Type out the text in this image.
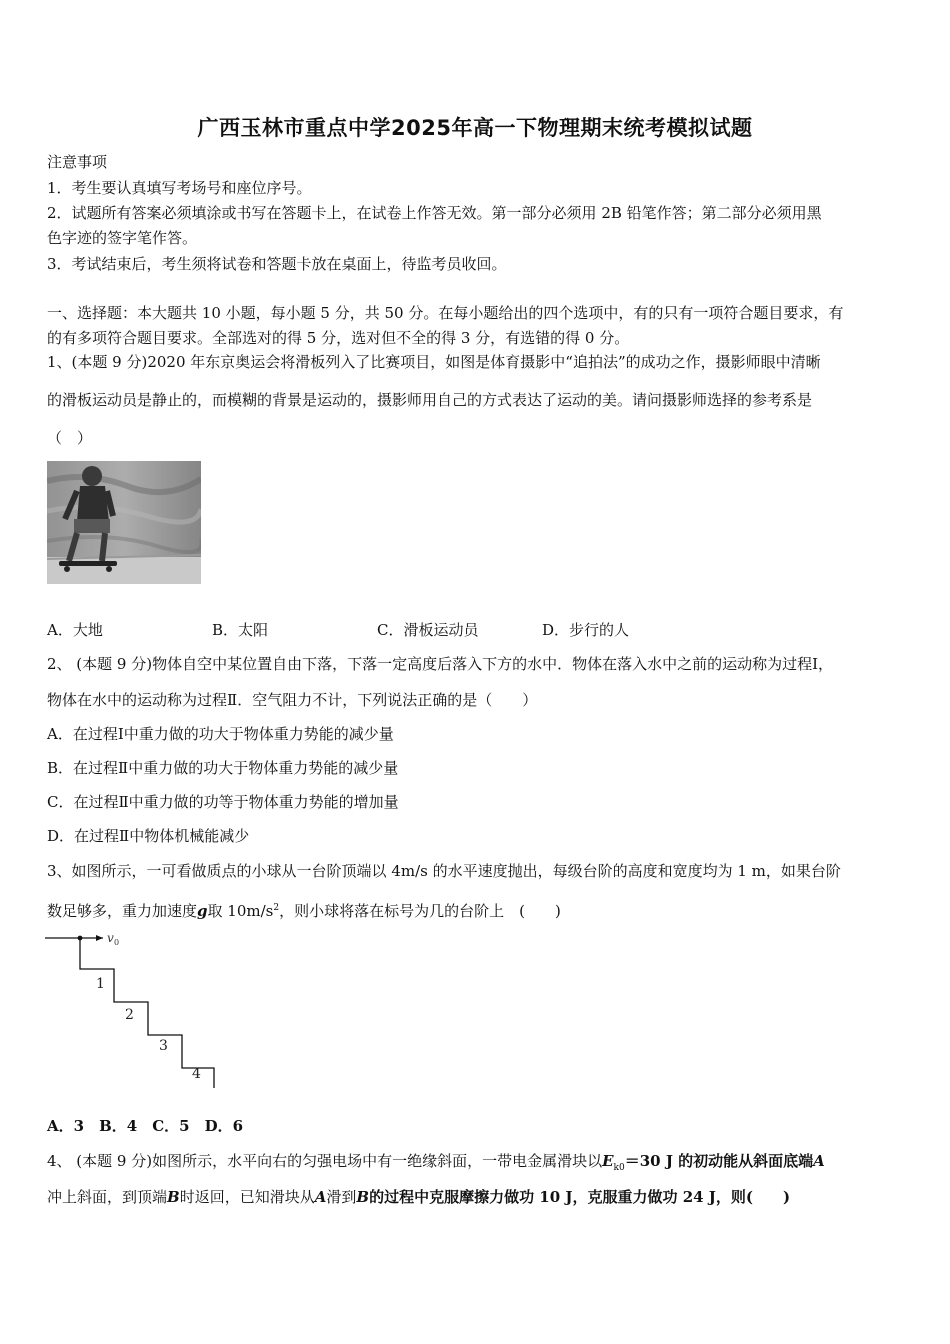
广西玉林市重点中学2025年高一下物理期末统考模拟试题
注意事项
1．考生要认真填写考场号和座位序号。
2．试题所有答案必须填涂或书写在答题卡上，在试卷上作答无效。第一部分必须用 2B 铅笔作答；第二部分必须用黑
色字迹的签字笔作答。
3．考试结束后，考生须将试卷和答题卡放在桌面上，待监考员收回。
一、选择题：本大题共 10 小题，每小题 5 分，共 50 分。在每小题给出的四个选项中，有的只有一项符合题目要求，有
的有多项符合题目要求。全部选对的得 5 分，选对但不全的得 3 分，有选错的得 0 分。
1、(本题 9 分)2020 年东京奥运会将滑板列入了比赛项目，如图是体育摄影中“追拍法”的成功之作，摄影师眼中清晰
的滑板运动员是静止的，而模糊的背景是运动的，摄影师用自己的方式表达了运动的美。请问摄影师选择的参考系是
（　）
A．大地	B．太阳	C．滑板运动员	D．步行的人
2、 (本题 9 分)物体自空中某位置自由下落，下落一定高度后落入下方的水中．物体在落入水中之前的运动称为过程Ⅰ，
物体在水中的运动称为过程Ⅱ．空气阻力不计，下列说法正确的是（　　）
A．在过程Ⅰ中重力做的功大于物体重力势能的减少量
B．在过程Ⅱ中重力做的功大于物体重力势能的减少量
C．在过程Ⅱ中重力做的功等于物体重力势能的增加量
D．在过程Ⅱ中物体机械能减少
3、如图所示，一可看做质点的小球从一台阶顶端以 4m/s 的水平速度抛出，每级台阶的高度和宽度均为 1 m，如果台阶
数足够多，重力加速度g取 $10m/s^2$，则小球将落在标号为几的台阶上　(　　)
v 0
1
2
3
4
A．3　B．4　C．5　D．6
4、 (本题 9 分)如图所示，水平向右的匀强电场中有一绝缘斜面，一带电金属滑块以$E_{k0}=30$ J 的初动能从斜面底端A
冲上斜面，到顶端B时返回，已知滑块从A滑到B的过程中克服摩擦力做功 10 J，克服重力做功 24 J，则(　　)
